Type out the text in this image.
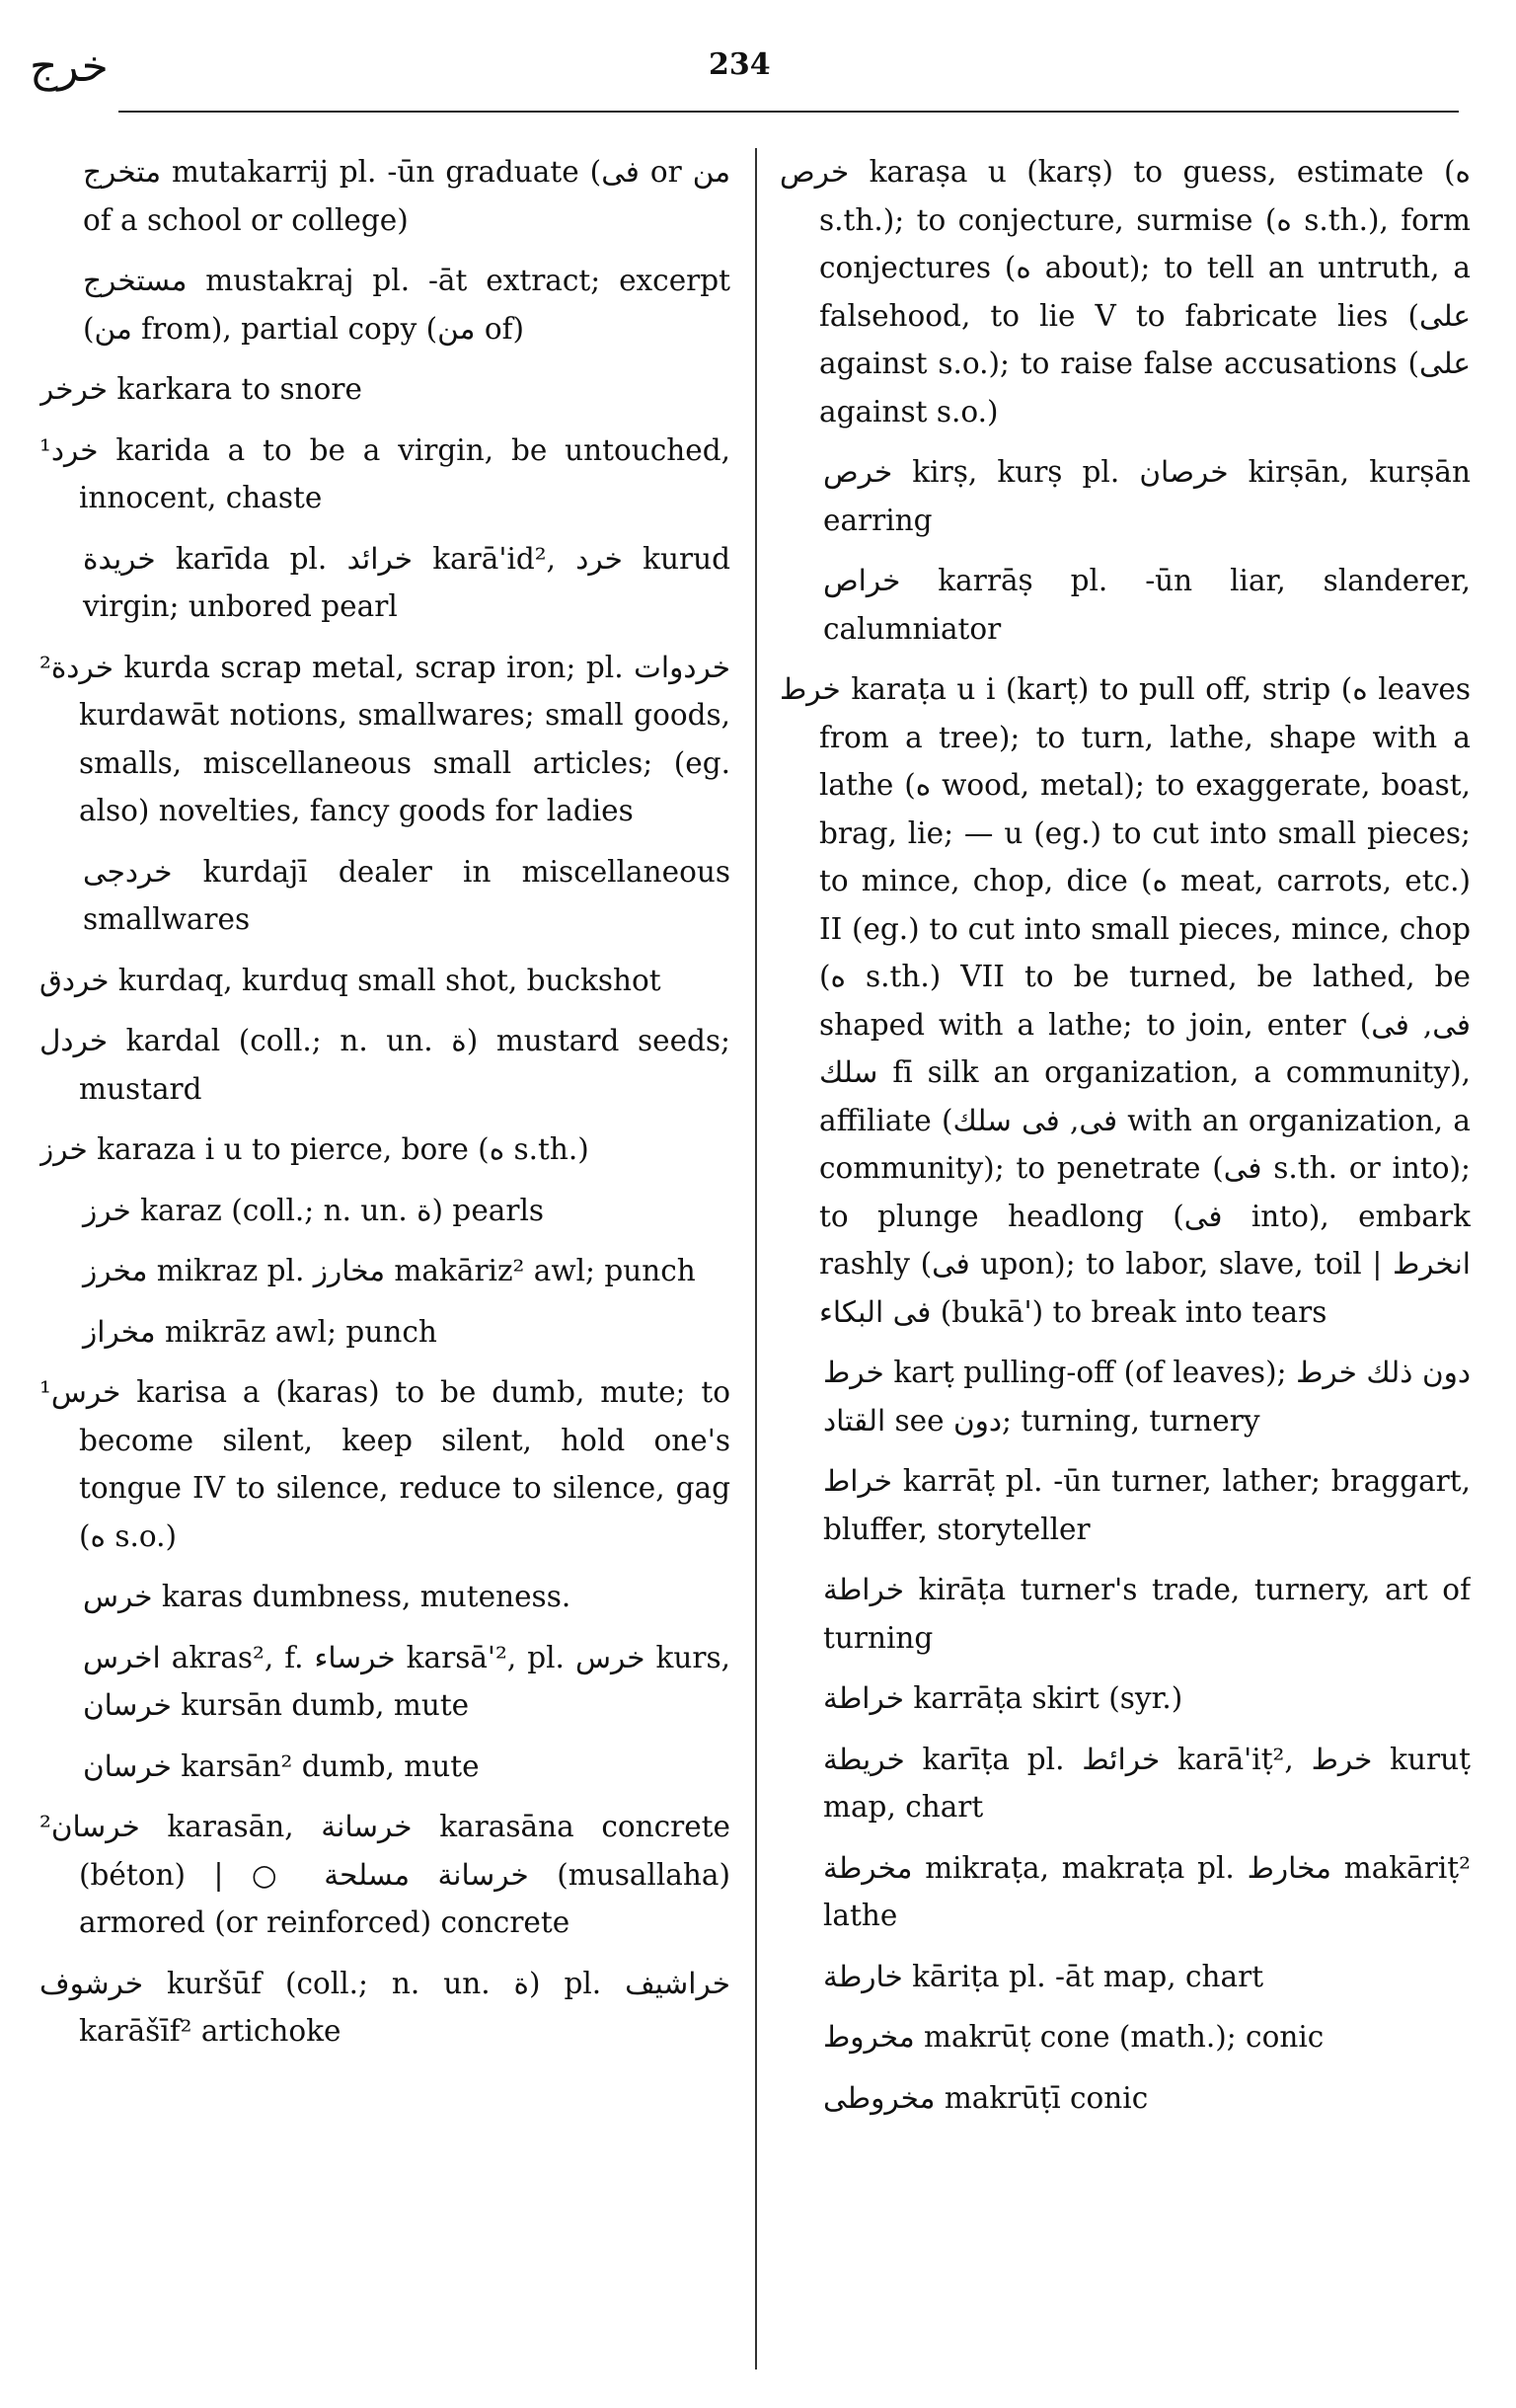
خرج	234

متخرج mutakarrij pl. -ūn graduate (فى or من of a school or college)

مستخرج mustakraj pl. -āt extract; excerpt (من from), partial copy (من of)

خرخر karkara to snore

¹خرد karida a to be a virgin, be untouched, innocent, chaste

خريدة karīda pl. خرائد karā'id², خرد kurud virgin; unbored pearl

²خردة kurda scrap metal, scrap iron; pl. خردوات kurdawāt notions, smallwares; small goods, smalls, miscellaneous small articles; (eg. also) novelties, fancy goods for ladies

خردجى kurdajī dealer in miscellaneous smallwares

خردق kurdaq, kurduq small shot, buckshot

خردل kardal (coll.; n. un. ة) mustard seeds; mustard

خرز karaza i u to pierce, bore (ه s.th.)

خرز karaz (coll.; n. un. ة) pearls

مخرز mikraz pl. مخارز makāriz² awl; punch

مخراز mikrāz awl; punch

¹خرس karisa a (karas) to be dumb, mute; to become silent, keep silent, hold one's tongue IV to silence, reduce to silence, gag (ه s.o.)

خرس karas dumbness, muteness.

اخرس akras², f. خرساء karsā'², pl. خرس kurs, خرسان kursān dumb, mute

خرسان karsān² dumb, mute

²خرسان karasān, خرسانة karasāna concrete (béton) | ○ خرسانة مسلحة (musallaha) armored (or reinforced) concrete

خرشوف kuršūf (coll.; n. un. ة) pl. خراشيف karāšīf² artichoke

خرص karaṣa u (karṣ) to guess, estimate (ه s.th.); to conjecture, surmise (ه s.th.), form conjectures (ه about); to tell an untruth, a falsehood, to lie V to fabricate lies (على against s.o.); to raise false accusations (على against s.o.)

خرص kirṣ, kurṣ pl. خرصان kirṣān, kurṣān earring

خراص karrāṣ pl. -ūn liar, slanderer, calumniator

خرط karaṭa u i (karṭ) to pull off, strip (ه leaves from a tree); to turn, lathe, shape with a lathe (ه wood, metal); to exaggerate, boast, brag, lie; — u (eg.) to cut into small pieces; to mince, chop, dice (ه meat, carrots, etc.) II (eg.) to cut into small pieces, mince, chop (ه s.th.) VII to be turned, be lathed, be shaped with a lathe; to join, enter (فى, فى سلك fī silk an organization, a community), affiliate (فى, فى سلك with an organization, a community); to penetrate (فى s.th. or into); to plunge headlong (فى into), embark rashly (فى upon); to labor, slave, toil | انخرط فى البكاء (bukā') to break into tears

خرط karṭ pulling-off (of leaves); دون ذلك خرط القتاد see دون; turning, turnery

خراط karrāṭ pl. -ūn turner, lather; braggart, bluffer, storyteller

خراطة kirāṭa turner's trade, turnery, art of turning

خراطة karrāṭa skirt (syr.)

خريطة karīṭa pl. خرائط karā'iṭ², خرط kuruṭ map, chart

مخرطة mikraṭa, makraṭa pl. مخارط makāriṭ² lathe

خارطة kāriṭa pl. -āt map, chart

مخروط makrūṭ cone (math.); conic

مخروطى makrūṭī conic
